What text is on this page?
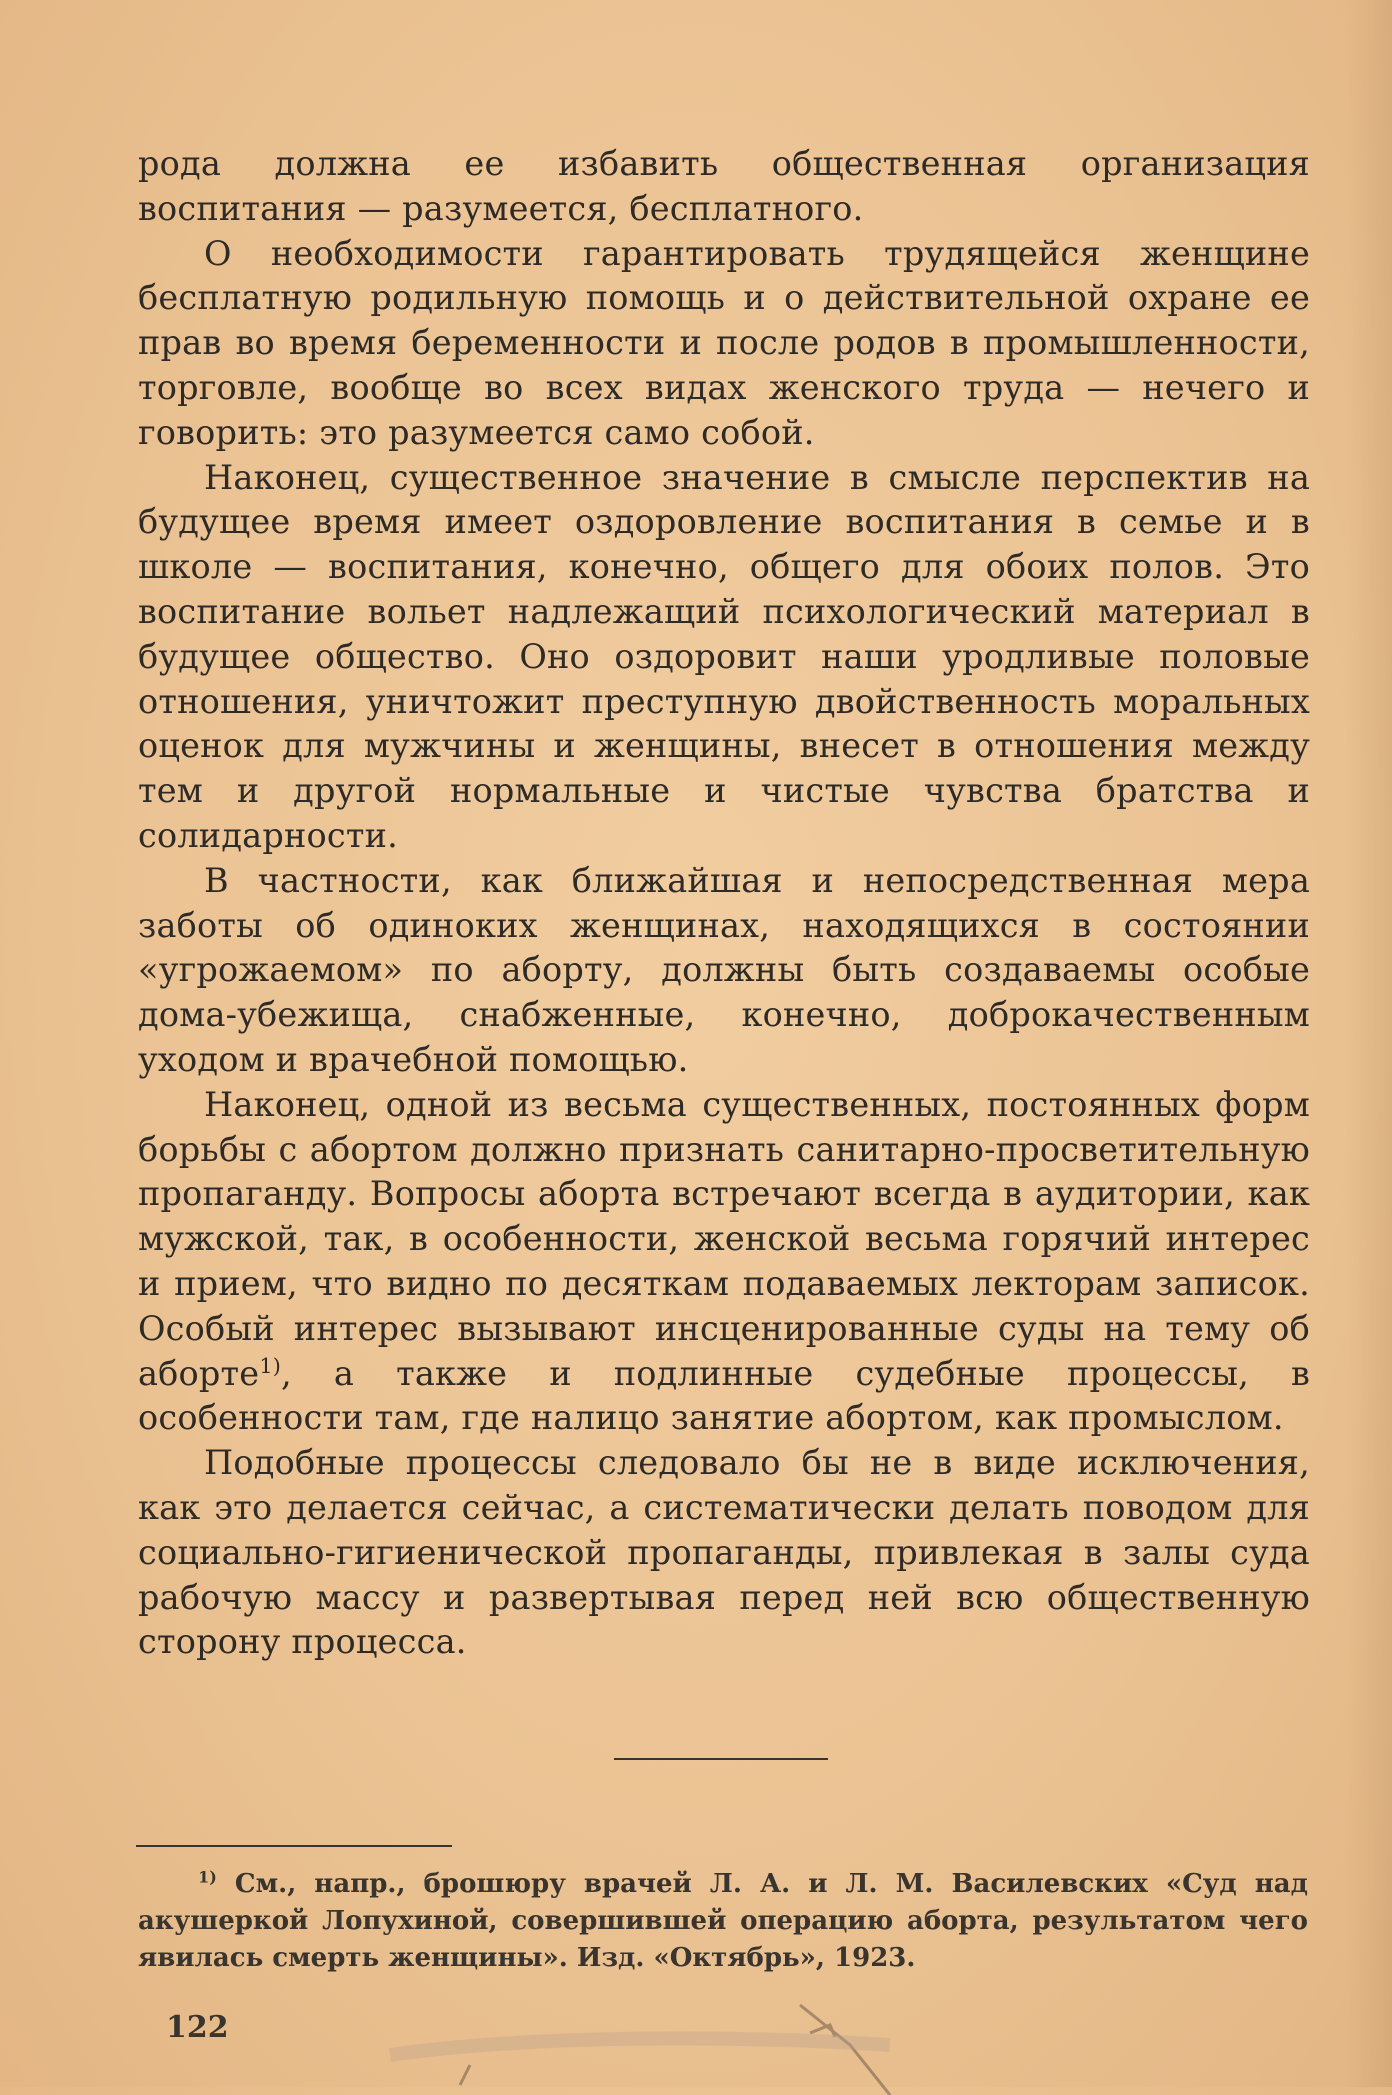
рода должна ее избавить общественная организация воспитания — разумеется, бесплатного.

О необходимости гарантировать трудящейся женщине бесплатную родильную помощь и о действительной охране ее прав во время беременности и после родов в промышленности, торговле, вообще во всех видах женского труда — нечего и говорить: это разумеется само собой.

Наконец, существенное значение в смысле перспектив на будущее время имеет оздоровление воспитания в семье и в школе — воспитания, конечно, общего для обоих полов. Это воспитание вольет надлежащий психологический материал в будущее общество. Оно оздоровит наши уродливые половые отношения, уничтожит преступную двойственность моральных оценок для мужчины и женщины, внесет в отношения между тем и другой нормальные и чистые чувства братства и солидарности.

В частности, как ближайшая и непосредственная мера заботы об одиноких женщинах, находящихся в состоянии «угрожаемом» по аборту, должны быть создаваемы особые дома-убежища, снабженные, конечно, доброкачественным уходом и врачебной помощью.

Наконец, одной из весьма существенных, постоянных форм борьбы с абортом должно признать санитарно-просветительную пропаганду. Вопросы аборта встречают всегда в аудитории, как мужской, так, в особенности, женской весьма горячий интерес и прием, что видно по десяткам подаваемых лекторам записок. Особый интерес вызывают инсценированные суды на тему об аборте$^{1)}$, а также и подлинные судебные процессы, в особенности там, где налицо занятие абортом, как промыслом.

Подобные процессы следовало бы не в виде исключения, как это делается сейчас, а систематически делать поводом для социально-гигиенической пропаганды, привлекая в залы суда рабочую массу и развертывая перед ней всю общественную сторону процесса.

$^{1)}$ См., напр., брошюру врачей Л. А. и Л. М. Василевских «Суд над акушеркой Лопухиной, совершившей операцию аборта, результатом чего явилась смерть женщины». Изд. «Октябрь», 1923.

122
